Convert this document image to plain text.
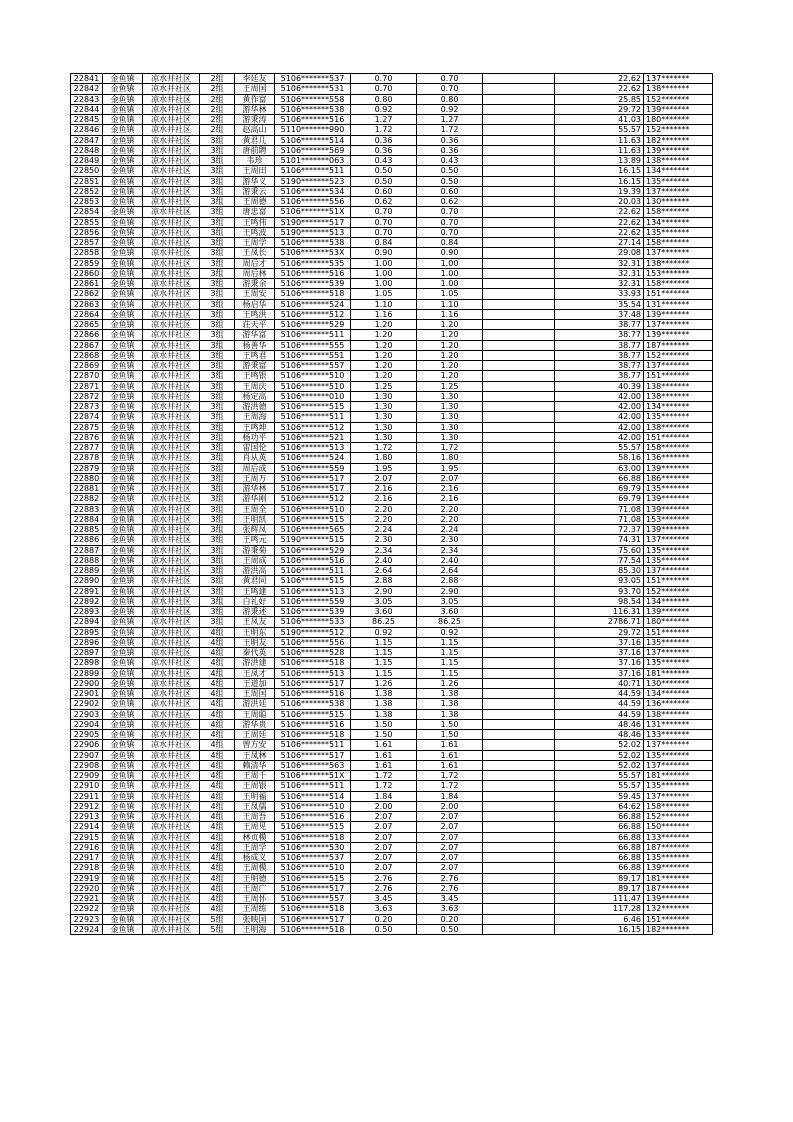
22841	金鱼镇	凉水井社区	2组	李廷友	5106*******537	0.70	0.70		22.62	137*******
22842	金鱼镇	凉水井社区	2组	王周国	5106*******531	0.70	0.70		22.62	138*******
22843	金鱼镇	凉水井社区	2组	黄作富	5106*******558	0.80	0.80		25.85	152*******
22844	金鱼镇	凉水井社区	2组	游华林	5106*******538	0.92	0.92		29.72	139*******
22845	金鱼镇	凉水井社区	2组	游秉涛	5106*******516	1.27	1.27		41.03	180*******
22846	金鱼镇	凉水井社区	2组	赵高山	5110*******990	1.72	1.72		55.57	152*******
22847	金鱼镇	凉水井社区	3组	黄君几	5106*******514	0.36	0.36		11.63	182*******
22848	金鱼镇	凉水井社区	3组	唐前聘	5106*******569	0.36	0.36		11.63	139*******
22849	金鱼镇	凉水井社区	3组	韦珍	5101*******063	0.43	0.43		13.89	138*******
22850	金鱼镇	凉水井社区	3组	王周田	5106*******511	0.50	0.50		16.15	134*******
22851	金鱼镇	凉水井社区	3组	游华义	5190*******523	0.50	0.50		16.15	135*******
22852	金鱼镇	凉水井社区	3组	游秉云	5106*******534	0.60	0.60		19.39	137*******
22853	金鱼镇	凉水井社区	3组	王周德	5106*******556	0.62	0.62		20.03	130*******
22854	金鱼镇	凉水井社区	3组	唐忠富	5106*******51X	0.70	0.70		22.62	158*******
22855	金鱼镇	凉水井社区	3组	王鸣伟	5190*******517	0.70	0.70		22.62	134*******
22856	金鱼镇	凉水井社区	3组	王鸣波	5190*******513	0.70	0.70		22.62	135*******
22857	金鱼镇	凉水井社区	3组	王周学	5106*******538	0.84	0.84		27.14	158*******
22858	金鱼镇	凉水井社区	3组	王凤长	5106*******53X	0.90	0.90		29.08	137*******
22859	金鱼镇	凉水井社区	3组	周后才	5106*******535	1.00	1.00		32.31	138*******
22860	金鱼镇	凉水井社区	3组	周后林	5106*******516	1.00	1.00		32.31	153*******
22861	金鱼镇	凉水井社区	3组	游秉余	5106*******539	1.00	1.00		32.31	158*******
22862	金鱼镇	凉水井社区	3组	王周安	5106*******518	1.05	1.05		33.93	151*******
22863	金鱼镇	凉水井社区	3组	杨启华	5106*******524	1.10	1.10		35.54	131*******
22864	金鱼镇	凉水井社区	3组	王鸣洪	5106*******512	1.16	1.16		37.48	139*******
22865	金鱼镇	凉水井社区	3组	荘天平	5106*******529	1.20	1.20		38.77	137*******
22866	金鱼镇	凉水井社区	3组	游华富	5106*******511	1.20	1.20		38.77	139*******
22867	金鱼镇	凉水井社区	3组	杨善华	5106*******555	1.20	1.20		38.77	187*******
22868	金鱼镇	凉水井社区	3组	王鸣君	5106*******551	1.20	1.20		38.77	152*******
22869	金鱼镇	凉水井社区	3组	游秉富	5106*******557	1.20	1.20		38.77	137*******
22870	金鱼镇	凉水井社区	3组	王鸣银	5106*******510	1.20	1.20		38.77	151*******
22871	金鱼镇	凉水井社区	3组	王周庆	5106*******510	1.25	1.25		40.39	138*******
22872	金鱼镇	凉水井社区	3组	杨定高	5106*******010	1.30	1.30		42.00	138*******
22873	金鱼镇	凉水井社区	3组	游洪德	5106*******515	1.30	1.30		42.00	134*******
22874	金鱼镇	凉水井社区	3组	王周海	5106*******511	1.30	1.30		42.00	135*******
22875	金鱼镇	凉水井社区	3组	王鸣坤	5106*******512	1.30	1.30		42.00	138*******
22876	金鱼镇	凉水井社区	3组	杨功平	5106*******521	1.30	1.30		42.00	151*******
22877	金鱼镇	凉水井社区	3组	雷国伦	5106*******513	1.72	1.72		55.57	158*******
22878	金鱼镇	凉水井社区	3组	肖从英	5106*******524	1.80	1.80		58.16	136*******
22879	金鱼镇	凉水井社区	3组	周后成	5106*******559	1.95	1.95		63.00	139*******
22880	金鱼镇	凉水井社区	3组	王周万	5106*******517	2.07	2.07		66.88	186*******
22881	金鱼镇	凉水井社区	3组	游华林	5106*******517	2.16	2.16		69.79	135*******
22882	金鱼镇	凉水井社区	3组	游华刚	5106*******512	2.16	2.16		69.79	139*******
22883	金鱼镇	凉水井社区	3组	王周全	5106*******510	2.20	2.20		71.08	139*******
22884	金鱼镇	凉水井社区	3组	王明凯	5106*******515	2.20	2.20		71.08	153*******
22885	金鱼镇	凉水井社区	3组	张辉凤	5106*******565	2.24	2.24		72.37	139*******
22886	金鱼镇	凉水井社区	3组	王鸣元	5190*******515	2.30	2.30		74.31	137*******
22887	金鱼镇	凉水井社区	3组	游秉菊	5106*******529	2.34	2.34		75.60	135*******
22888	金鱼镇	凉水井社区	3组	王周成	5106*******516	2.40	2.40		77.54	135*******
22889	金鱼镇	凉水井社区	3组	游洪高	5106*******511	2.64	2.64		85.30	137*******
22890	金鱼镇	凉水井社区	3组	黄君同	5106*******515	2.88	2.88		93.05	151*******
22891	金鱼镇	凉水井社区	3组	王鸣建	5106*******513	2.90	2.90		93.70	152*******
22892	金鱼镇	凉水井社区	3组	白礼好	5106*******559	3.05	3.05		98.54	134*******
22893	金鱼镇	凉水井社区	3组	游秉述	5106*******539	3.60	3.60		116.31	139*******
22894	金鱼镇	凉水井社区	3组	王凤友	5106*******533	86.25	86.25		2786.71	180*******
22895	金鱼镇	凉水井社区	4组	王明东	5190*******512	0.92	0.92		29.72	151*******
22896	金鱼镇	凉水井社区	4组	王明友	5106*******556	1.15	1.15		37.16	135*******
22897	金鱼镇	凉水井社区	4组	秦代英	5106*******528	1.15	1.15		37.16	137*******
22898	金鱼镇	凉水井社区	4组	游洪建	5106*******518	1.15	1.15		37.16	135*******
22899	金鱼镇	凉水井社区	4组	王凤才	5106*******513	1.15	1.15		37.16	181*******
22900	金鱼镇	凉水井社区	4组	王道加	5106*******517	1.26	1.26		40.71	130*******
22901	金鱼镇	凉水井社区	4组	王周国	5106*******516	1.38	1.38		44.59	134*******
22902	金鱼镇	凉水井社区	4组	游洪廷	5106*******538	1.38	1.38		44.59	136*******
22903	金鱼镇	凉水井社区	4组	王周聪	5106*******515	1.38	1.38		44.59	138*******
22904	金鱼镇	凉水井社区	4组	游华贵	5106*******516	1.50	1.50		48.46	131*******
22905	金鱼镇	凉水井社区	4组	王周廷	5106*******518	1.50	1.50		48.46	133*******
22906	金鱼镇	凉水井社区	4组	曾方安	5106*******511	1.61	1.61		52.02	137*******
22907	金鱼镇	凉水井社区	4组	王凤林	5106*******517	1.61	1.61		52.02	135*******
22908	金鱼镇	凉水井社区	4组	赖清华	5106*******563	1.61	1.61		52.02	137*******
22909	金鱼镇	凉水井社区	4组	王周千	5106*******51X	1.72	1.72		55.57	181*******
22910	金鱼镇	凉水井社区	4组	王周银	5106*******511	1.72	1.72		55.57	135*******
22911	金鱼镇	凉水井社区	4组	王明福	5106*******514	1.84	1.84		59.45	137*******
22912	金鱼镇	凉水井社区	4组	王凤儒	5106*******510	2.00	2.00		64.62	158*******
22913	金鱼镇	凉水井社区	4组	王周吾	5106*******516	2.07	2.07		66.88	152*******
22914	金鱼镇	凉水井社区	4组	王周见	5106*******515	2.07	2.07		66.88	150*******
22915	金鱼镇	凉水井社区	4组	林贞模	5106*******518	2.07	2.07		66.88	133*******
22916	金鱼镇	凉水井社区	4组	王周学	5106*******530	2.07	2.07		66.88	187*******
22917	金鱼镇	凉水井社区	4组	杨成义	5106*******537	2.07	2.07		66.88	135*******
22918	金鱼镇	凉水井社区	4组	王周模	5106*******510	2.07	2.07		66.88	139*******
22919	金鱼镇	凉水井社区	4组	王明德	5106*******515	2.76	2.76		89.17	181*******
22920	金鱼镇	凉水井社区	4组	王周广	5106*******517	2.76	2.76		89.17	187*******
22921	金鱼镇	凉水井社区	4组	王周怀	5106*******557	3.45	3.45		111.47	139*******
22922	金鱼镇	凉水井社区	4组	王周练	5106*******518	3.63	3.63		117.28	132*******
22923	金鱼镇	凉水井社区	5组	张映国	5106*******517	0.20	0.20		6.46	151*******
22924	金鱼镇	凉水井社区	5组	王明海	5106*******518	0.50	0.50		16.15	182*******
